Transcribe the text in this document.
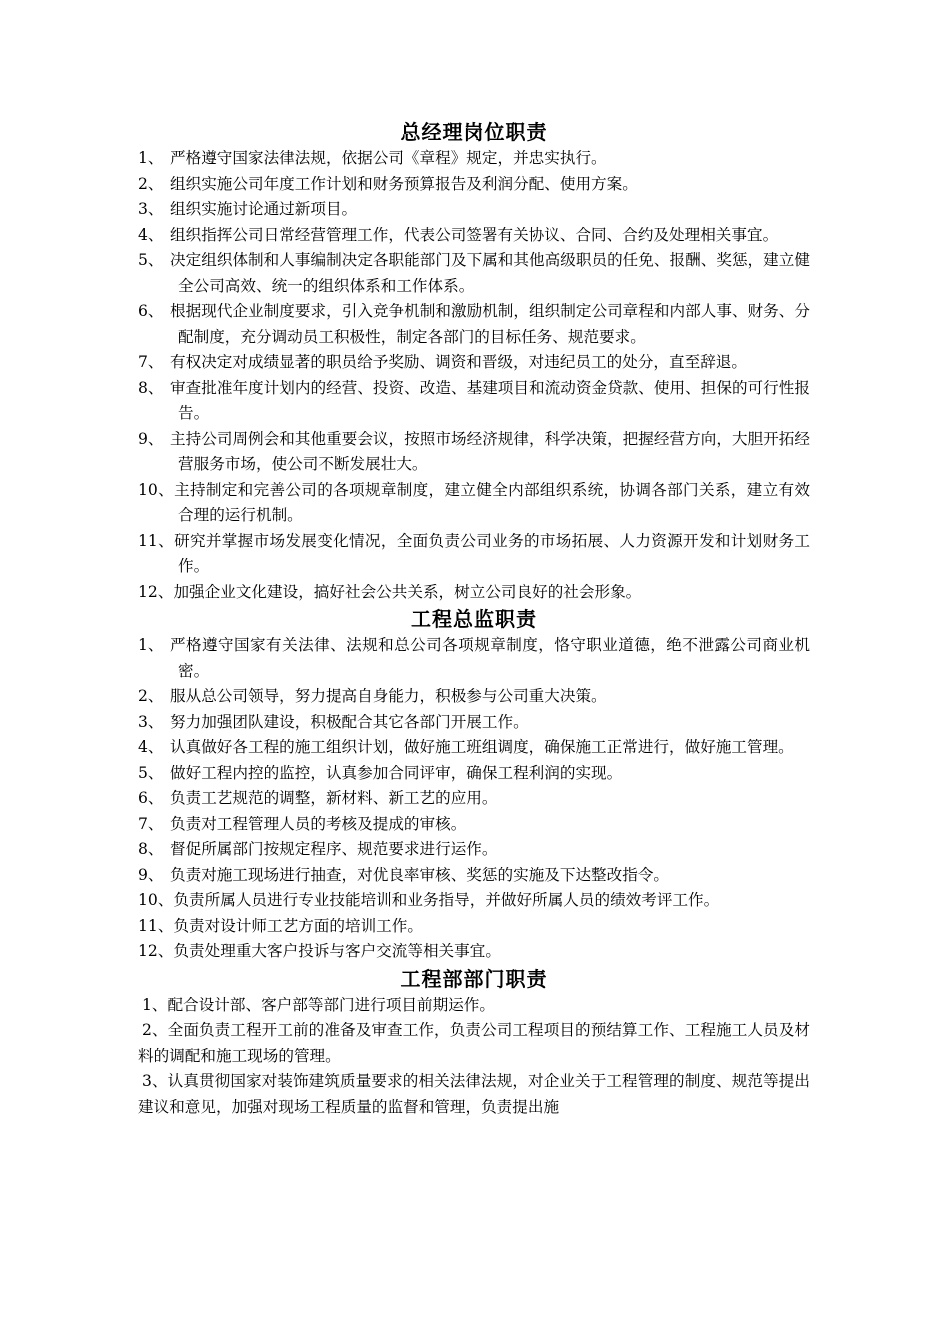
总经理岗位职责
1、 严格遵守国家法律法规，依据公司《章程》规定，并忠实执行。
2、 组织实施公司年度工作计划和财务预算报告及利润分配、使用方案。
3、 组织实施讨论通过新项目。
4、 组织指挥公司日常经营管理工作，代表公司签署有关协议、合同、合约及处理相关事宜。
5、 决定组织体制和人事编制决定各职能部门及下属和其他高级职员的任免、报酬、奖惩，建立健全公司高效、统一的组织体系和工作体系。
6、 根据现代企业制度要求，引入竞争机制和激励机制，组织制定公司章程和内部人事、财务、分配制度，充分调动员工积极性，制定各部门的目标任务、规范要求。
7、 有权决定对成绩显著的职员给予奖励、调资和晋级，对违纪员工的处分，直至辞退。
8、 审查批准年度计划内的经营、投资、改造、基建项目和流动资金贷款、使用、担保的可行性报告。
9、 主持公司周例会和其他重要会议，按照市场经济规律，科学决策，把握经营方向，大胆开拓经营服务市场，使公司不断发展壮大。
10、主持制定和完善公司的各项规章制度，建立健全内部组织系统，协调各部门关系，建立有效合理的运行机制。
11、研究并掌握市场发展变化情况，全面负责公司业务的市场拓展、人力资源开发和计划财务工作。
12、加强企业文化建设，搞好社会公共关系，树立公司良好的社会形象。
工程总监职责
1、 严格遵守国家有关法律、法规和总公司各项规章制度，恪守职业道德，绝不泄露公司商业机密。
2、 服从总公司领导，努力提高自身能力，积极参与公司重大决策。
3、 努力加强团队建设，积极配合其它各部门开展工作。
4、 认真做好各工程的施工组织计划，做好施工班组调度，确保施工正常进行，做好施工管理。
5、 做好工程内控的监控，认真参加合同评审，确保工程利润的实现。
6、 负责工艺规范的调整，新材料、新工艺的应用。
7、 负责对工程管理人员的考核及提成的审核。
8、 督促所属部门按规定程序、规范要求进行运作。
9、 负责对施工现场进行抽查，对优良率审核、奖惩的实施及下达整改指令。
10、负责所属人员进行专业技能培训和业务指导，并做好所属人员的绩效考评工作。
11、负责对设计师工艺方面的培训工作。
12、负责处理重大客户投诉与客户交流等相关事宜。
工程部部门职责
1、配合设计部、客户部等部门进行项目前期运作。
2、全面负责工程开工前的准备及审查工作，负责公司工程项目的预结算工作、工程施工人员及材料的调配和施工现场的管理。
3、认真贯彻国家对装饰建筑质量要求的相关法律法规，对企业关于工程管理的制度、规范等提出建议和意见，加强对现场工程质量的监督和管理，负责提出施
